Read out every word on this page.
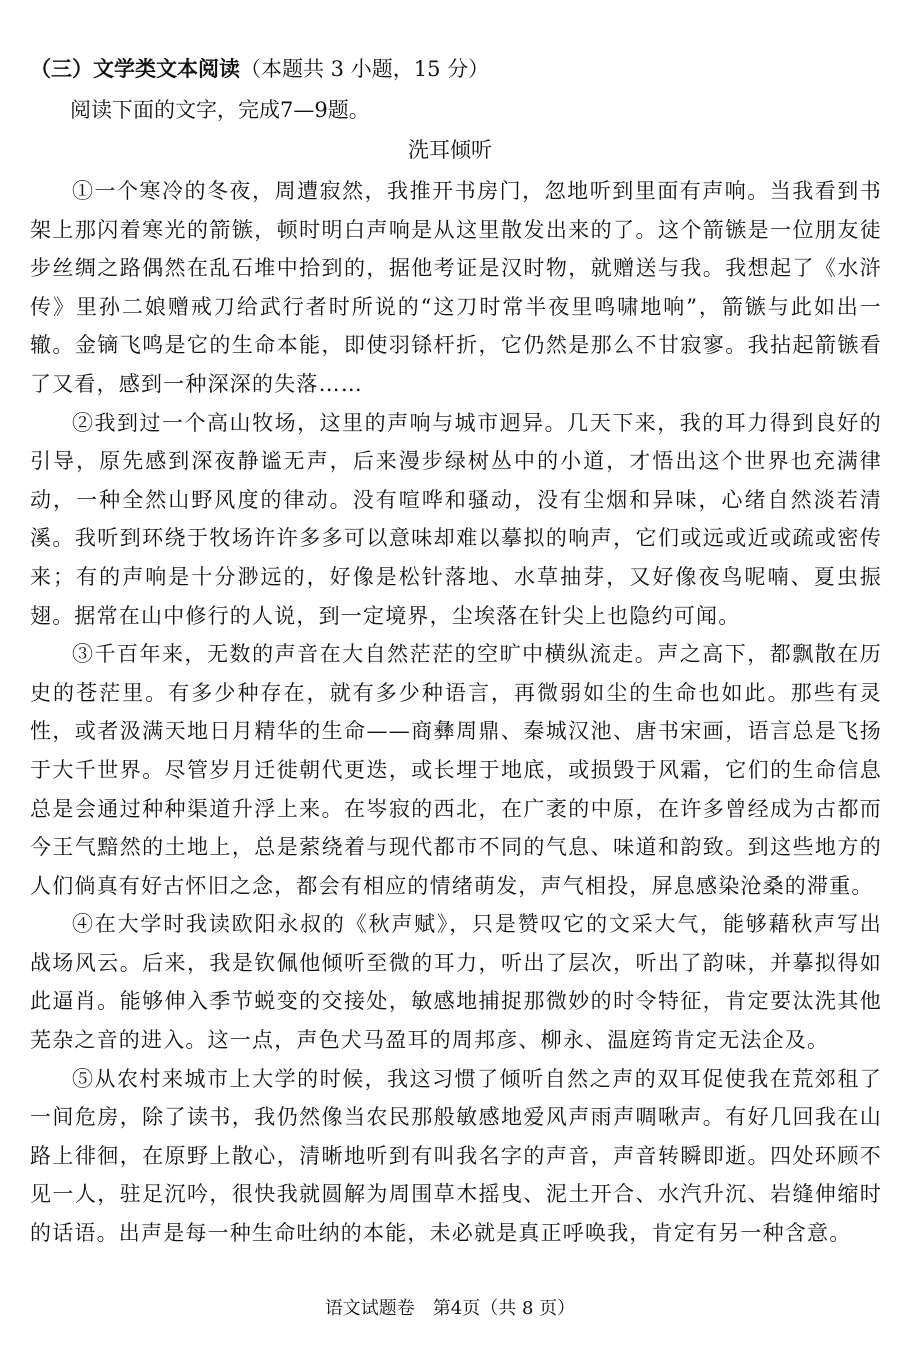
（三）文学类文本阅读（本题共 3 小题，15 分）
阅读下面的文字，完成7—9题。
洗耳倾听

①一个寒冷的冬夜，周遭寂然，我推开书房门，忽地听到里面有声响。当我看到书架上那闪着寒光的箭镞，顿时明白声响是从这里散发出来的了。这个箭镞是一位朋友徒步丝绸之路偶然在乱石堆中拾到的，据他考证是汉时物，就赠送与我。我想起了《水浒传》里孙二娘赠戒刀给武行者时所说的“这刀时常半夜里鸣啸地响”，箭镞与此如出一辙。金镝飞鸣是它的生命本能，即使羽铩杆折，它仍然是那么不甘寂寥。我拈起箭镞看了又看，感到一种深深的失落……

②我到过一个高山牧场，这里的声响与城市迥异。几天下来，我的耳力得到良好的引导，原先感到深夜静谧无声，后来漫步绿树丛中的小道，才悟出这个世界也充满律动，一种全然山野风度的律动。没有喧哗和骚动，没有尘烟和异味，心绪自然淡若清溪。我听到环绕于牧场许许多多可以意味却难以摹拟的响声，它们或远或近或疏或密传来；有的声响是十分渺远的，好像是松针落地、水草抽芽，又好像夜鸟呢喃、夏虫振翅。据常在山中修行的人说，到一定境界，尘埃落在针尖上也隐约可闻。

③千百年来，无数的声音在大自然茫茫的空旷中横纵流走。声之高下，都飘散在历史的苍茫里。有多少种存在，就有多少种语言，再微弱如尘的生命也如此。那些有灵性，或者汲满天地日月精华的生命——商彝周鼎、秦城汉池、唐书宋画，语言总是飞扬于大千世界。尽管岁月迁徙朝代更迭，或长埋于地底，或损毁于风霜，它们的生命信息总是会通过种种渠道升浮上来。在岑寂的西北，在广袤的中原，在许多曾经成为古都而今王气黯然的土地上，总是萦绕着与现代都市不同的气息、味道和韵致。到这些地方的人们倘真有好古怀旧之念，都会有相应的情绪萌发，声气相投，屏息感染沧桑的滞重。

④在大学时我读欧阳永叔的《秋声赋》，只是赞叹它的文采大气，能够藉秋声写出战场风云。后来，我是钦佩他倾听至微的耳力，听出了层次，听出了韵味，并摹拟得如此逼肖。能够伸入季节蜕变的交接处，敏感地捕捉那微妙的时令特征，肯定要汰洗其他芜杂之音的进入。这一点，声色犬马盈耳的周邦彦、柳永、温庭筠肯定无法企及。

⑤从农村来城市上大学的时候，我这习惯了倾听自然之声的双耳促使我在荒郊租了一间危房，除了读书，我仍然像当农民那般敏感地爱风声雨声啁啾声。有好几回我在山路上徘徊，在原野上散心，清晰地听到有叫我名字的声音，声音转瞬即逝。四处环顾不见一人，驻足沉吟，很快我就圆解为周围草木摇曳、泥土开合、水汽升沉、岩缝伸缩时的话语。出声是每一种生命吐纳的本能，未必就是真正呼唤我，肯定有另一种含意。

语文试题卷　第4页（共 8 页）
